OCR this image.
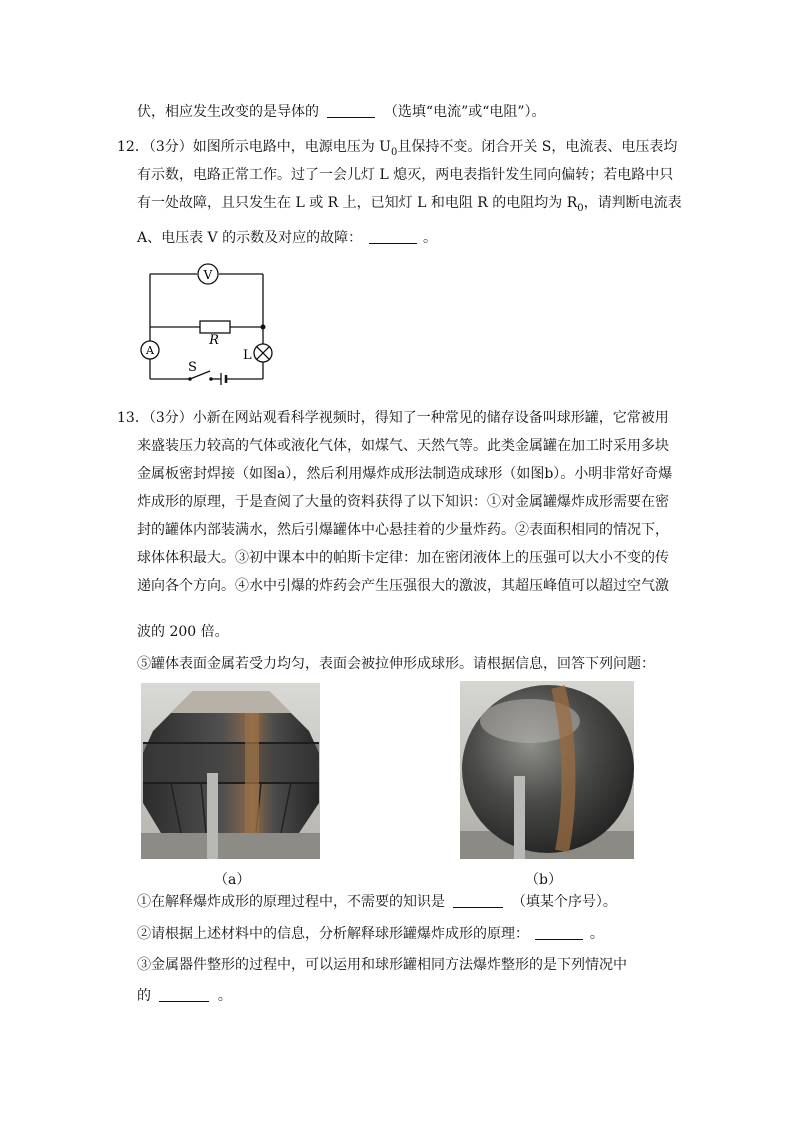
伏，相应发生改变的是导体的	（选填“电流”或“电阻”）。
12．（3分）如图所示电路中，电源电压为 $U_0$且保持不变。闭合开关 S，电流表、电压表均
有示数，电路正常工作。过了一会儿灯 L 熄灭，两电表指针发生同向偏转；若电路中只
有一处故障，且只发生在 L 或 R 上，已知灯 L 和电阻 R 的电阻均为 $R_0$，请判断电流表
A、电压表 V 的示数及对应的故障：	。
V
A
R
L
S
13．（3分）小新在网站观看科学视频时，得知了一种常见的储存设备叫球形罐，它常被用
来盛装压力较高的气体或液化气体，如煤气、天然气等。此类金属罐在加工时采用多块
金属板密封焊接（如图a），然后利用爆炸成形法制造成球形（如图b）。小明非常好奇爆
炸成形的原理，于是查阅了大量的资料获得了以下知识：①对金属罐爆炸成形需要在密
封的罐体内部装满水，然后引爆罐体中心悬挂着的少量炸药。②表面积相同的情况下，
球体体积最大。③初中课本中的帕斯卡定律：加在密闭液体上的压强可以大小不变的传
递向各个方向。④水中引爆的炸药会产生压强很大的激波，其超压峰值可以超过空气激
波的 200 倍。
⑤罐体表面金属若受力均匀，表面会被拉伸形成球形。请根据信息，回答下列问题：
（a）	（b）
①在解释爆炸成形的原理过程中，不需要的知识是	（填某个序号）。
②请根据上述材料中的信息，分析解释球形罐爆炸成形的原理：	。
③金属器件整形的过程中，可以运用和球形罐相同方法爆炸整形的是下列情况中
的	。
